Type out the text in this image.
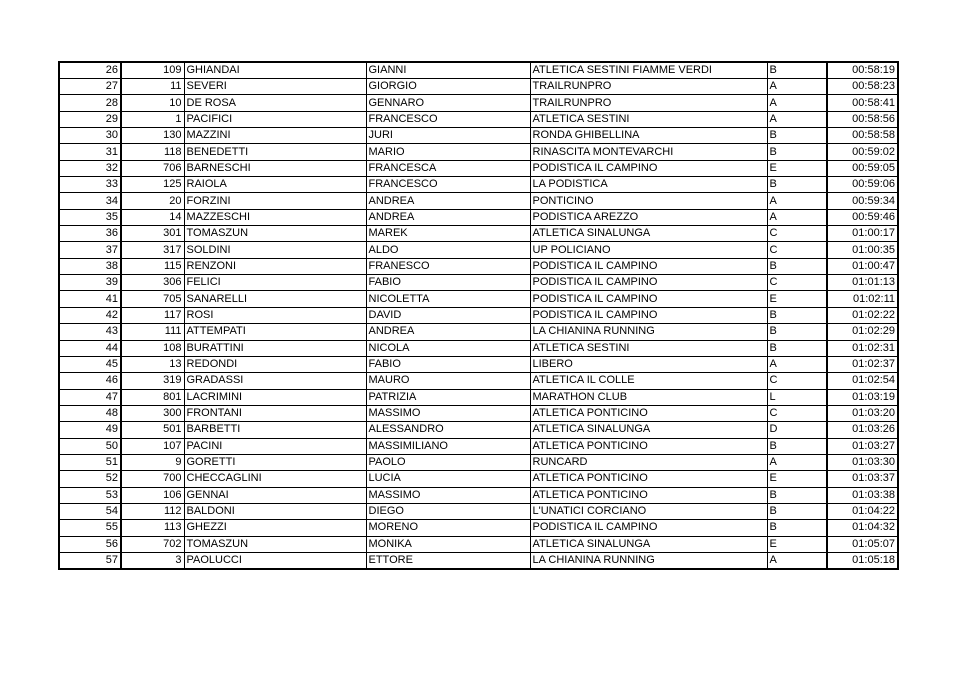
26	109	GHIANDAI	GIANNI	ATLETICA SESTINI FIAMME VERDI	B	00:58:19
27	11	SEVERI	GIORGIO	TRAILRUNPRO	A	00:58:23
28	10	DE ROSA	GENNARO	TRAILRUNPRO	A	00:58:41
29	1	PACIFICI	FRANCESCO	ATLETICA SESTINI	A	00:58:56
30	130	MAZZINI	JURI	RONDA GHIBELLINA	B	00:58:58
31	118	BENEDETTI	MARIO	RINASCITA MONTEVARCHI	B	00:59:02
32	706	BARNESCHI	FRANCESCA	PODISTICA IL CAMPINO	E	00:59:05
33	125	RAIOLA	FRANCESCO	LA PODISTICA	B	00:59:06
34	20	FORZINI	ANDREA	PONTICINO	A	00:59:34
35	14	MAZZESCHI	ANDREA	PODISTICA AREZZO	A	00:59:46
36	301	TOMASZUN	MAREK	ATLETICA SINALUNGA	C	01:00:17
37	317	SOLDINI	ALDO	UP POLICIANO	C	01:00:35
38	115	RENZONI	FRANESCO	PODISTICA IL CAMPINO	B	01:00:47
39	306	FELICI	FABIO	PODISTICA IL CAMPINO	C	01:01:13
41	705	SANARELLI	NICOLETTA	PODISTICA IL CAMPINO	E	01:02:11
42	117	ROSI	DAVID	PODISTICA IL CAMPINO	B	01:02:22
43	111	ATTEMPATI	ANDREA	LA CHIANINA RUNNING	B	01:02:29
44	108	BURATTINI	NICOLA	ATLETICA SESTINI	B	01:02:31
45	13	REDONDI	FABIO	LIBERO	A	01:02:37
46	319	GRADASSI	MAURO	ATLETICA IL COLLE	C	01:02:54
47	801	LACRIMINI	PATRIZIA	MARATHON CLUB	L	01:03:19
48	300	FRONTANI	MASSIMO	ATLETICA PONTICINO	C	01:03:20
49	501	BARBETTI	ALESSANDRO	ATLETICA SINALUNGA	D	01:03:26
50	107	PACINI	MASSIMILIANO	ATLETICA PONTICINO	B	01:03:27
51	9	GORETTI	PAOLO	RUNCARD	A	01:03:30
52	700	CHECCAGLINI	LUCIA	ATLETICA PONTICINO	E	01:03:37
53	106	GENNAI	MASSIMO	ATLETICA PONTICINO	B	01:03:38
54	112	BALDONI	DIEGO	L'UNATICI CORCIANO	B	01:04:22
55	113	GHEZZI	MORENO	PODISTICA IL CAMPINO	B	01:04:32
56	702	TOMASZUN	MONIKA	ATLETICA SINALUNGA	E	01:05:07
57	3	PAOLUCCI	ETTORE	LA CHIANINA RUNNING	A	01:05:18
